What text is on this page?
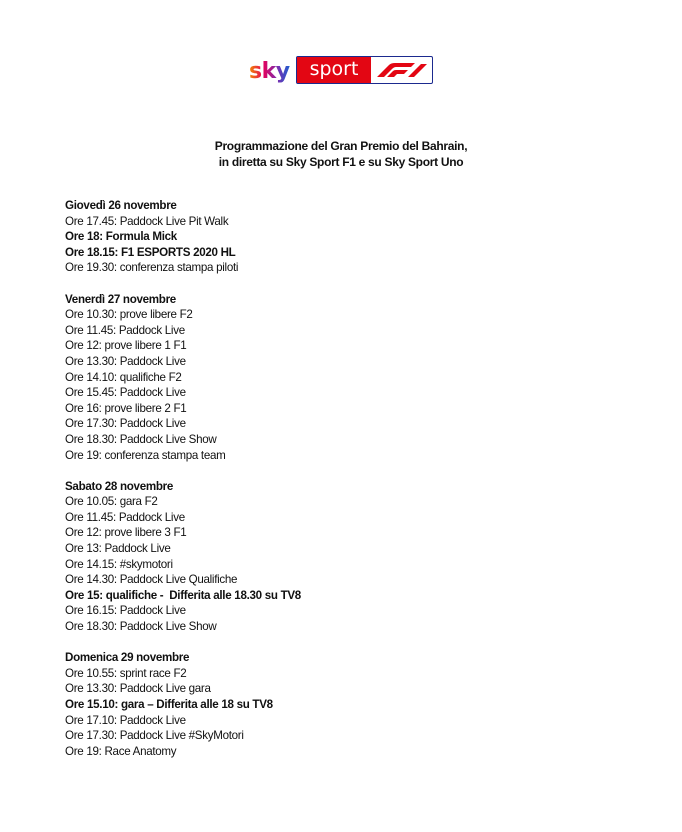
sky	sport
Programmazione del Gran Premio del Bahrain,
in diretta su Sky Sport F1 e su Sky Sport Uno
Giovedì 26 novembre
Ore 17.45: Paddock Live Pit Walk
Ore 18: Formula Mick
Ore 18.15: F1 ESPORTS 2020 HL
Ore 19.30: conferenza stampa piloti
Venerdì 27 novembre
Ore 10.30: prove libere F2
Ore 11.45: Paddock Live
Ore 12: prove libere 1 F1
Ore 13.30: Paddock Live
Ore 14.10: qualifiche F2
Ore 15.45: Paddock Live
Ore 16: prove libere 2 F1
Ore 17.30: Paddock Live
Ore 18.30: Paddock Live Show
Ore 19: conferenza stampa team
Sabato 28 novembre
Ore 10.05: gara F2
Ore 11.45: Paddock Live
Ore 12: prove libere 3 F1
Ore 13: Paddock Live
Ore 14.15: #skymotori
Ore 14.30: Paddock Live Qualifiche
Ore 15: qualifiche -  Differita alle 18.30 su TV8
Ore 16.15: Paddock Live
Ore 18.30: Paddock Live Show
Domenica 29 novembre
Ore 10.55: sprint race F2
Ore 13.30: Paddock Live gara
Ore 15.10: gara – Differita alle 18 su TV8
Ore 17.10: Paddock Live
Ore 17.30: Paddock Live #SkyMotori
Ore 19: Race Anatomy
